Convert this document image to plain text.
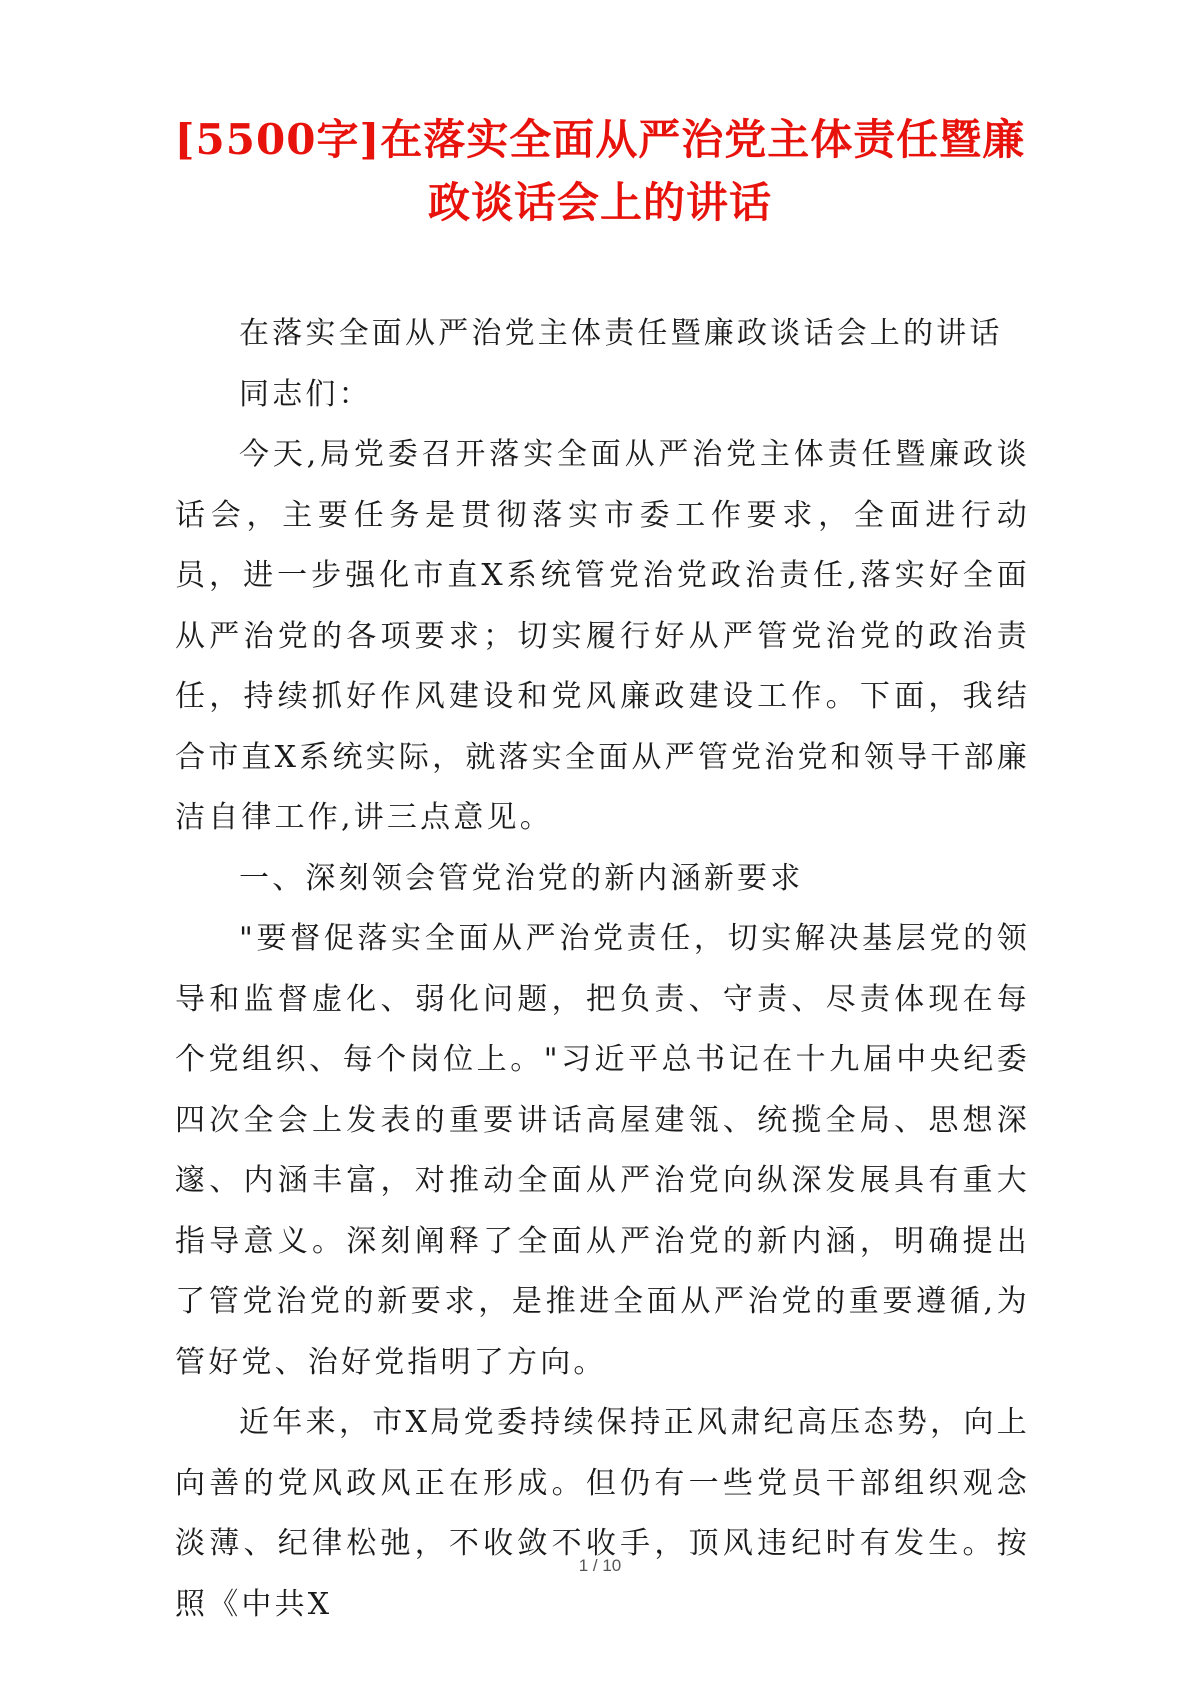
[5500字]在落实全面从严治党主体责任暨廉
政谈话会上的讲话

在落实全面从严治党主体责任暨廉政谈话会上的讲话

同志们：

今天,局党委召开落实全面从严治党主体责任暨廉政谈话会，主要任务是贯彻落实市委工作要求，全面进行动员，进一步强化市直X系统管党治党政治责任,落实好全面从严治党的各项要求；切实履行好从严管党治党的政治责任，持续抓好作风建设和党风廉政建设工作。下面，我结合市直X系统实际，就落实全面从严管党治党和领导干部廉洁自律工作,讲三点意见。

一、深刻领会管党治党的新内涵新要求

"要督促落实全面从严治党责任，切实解决基层党的领导和监督虚化、弱化问题，把负责、守责、尽责体现在每个党组织、每个岗位上。"习近平总书记在十九届中央纪委四次全会上发表的重要讲话高屋建瓴、统揽全局、思想深邃、内涵丰富，对推动全面从严治党向纵深发展具有重大指导意义。深刻阐释了全面从严治党的新内涵，明确提出了管党治党的新要求，是推进全面从严治党的重要遵循,为管好党、治好党指明了方向。

近年来，市X局党委持续保持正风肃纪高压态势，向上向善的党风政风正在形成。但仍有一些党员干部组织观念淡薄、纪律松弛，不收敛不收手，顶风违纪时有发生。按照《中共X

1 / 10
